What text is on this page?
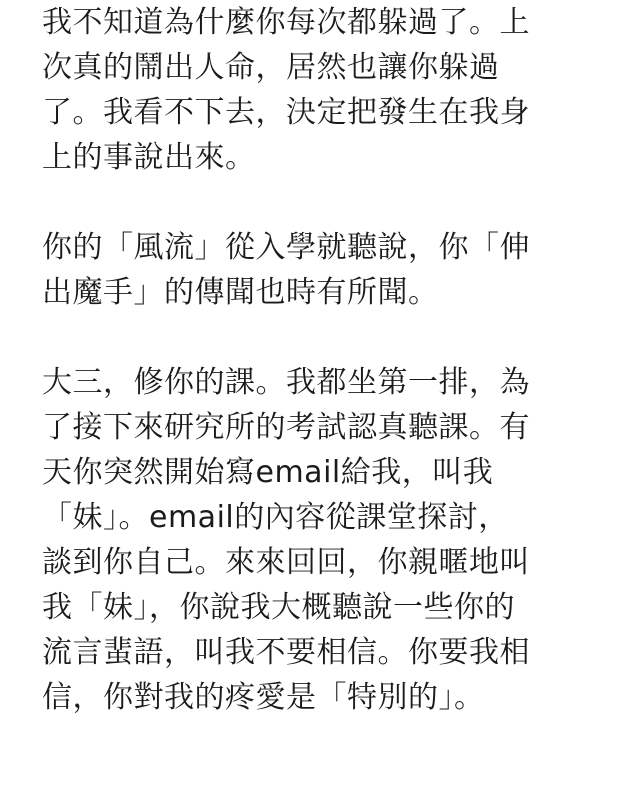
我不知道為什麼你每次都躲過了。上
次真的鬧出人命，居然也讓你躲過
了。我看不下去，決定把發生在我身
上的事說出來。

你的「風流」從入學就聽說，你「伸
出魔手」的傳聞也時有所聞。

大三，修你的課。我都坐第一排，為
了接下來研究所的考試認真聽課。有
天你突然開始寫email給我，叫我
「妹」。email的內容從課堂探討，
談到你自己。來來回回，你親暱地叫
我「妹」，你說我大概聽說一些你的
流言蜚語，叫我不要相信。你要我相
信，你對我的疼愛是「特別的」。
